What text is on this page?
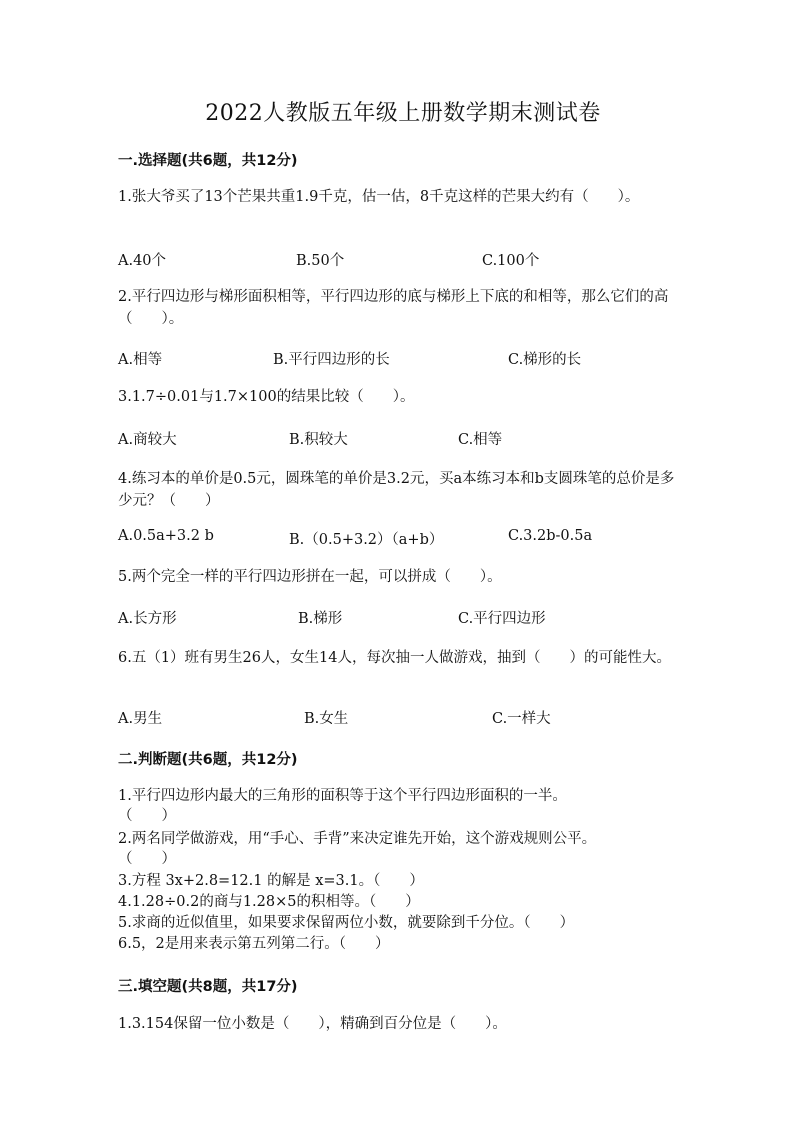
2022人教版五年级上册数学期末测试卷
一.选择题(共6题，共12分)
1.张大爷买了13个芒果共重1.9千克，估一估，8千克这样的芒果大约有（　　）。
A.40个	B.50个	C.100个
2.平行四边形与梯形面积相等，平行四边形的底与梯形上下底的和相等，那么它们的高（　　）。
A.相等	B.平行四边形的长	C.梯形的长
3.1.7÷0.01与1.7×100的结果比较（　　）。
A.商较大	B.积较大	C.相等
4.练习本的单价是0.5元，圆珠笔的单价是3.2元，买a本练习本和b支圆珠笔的总价是多少元？（　　）
A.0.5a+3.2 b	B.（0.5+3.2）（a+b）	C.3.2b-0.5a
5.两个完全一样的平行四边形拼在一起，可以拼成（　　）。
A.长方形	B.梯形	C.平行四边形
6.五（1）班有男生26人，女生14人，每次抽一人做游戏，抽到（　　）的可能性大。
A.男生	B.女生	C.一样大
二.判断题(共6题，共12分)
1.平行四边形内最大的三角形的面积等于这个平行四边形面积的一半。
（　　）
2.两名同学做游戏，用“手心、手背”来决定谁先开始，这个游戏规则公平。
（　　）
3.方程 3x+2.8=12.1 的解是 x=3.1。（　　）
4.1.28÷0.2的商与1.28×5的积相等。（　　）
5.求商的近似值里，如果要求保留两位小数，就要除到千分位。（　　）
6.5，2是用来表示第五列第二行。（　　）
三.填空题(共8题，共17分)
1.3.154保留一位小数是（　　），精确到百分位是（　　）。
